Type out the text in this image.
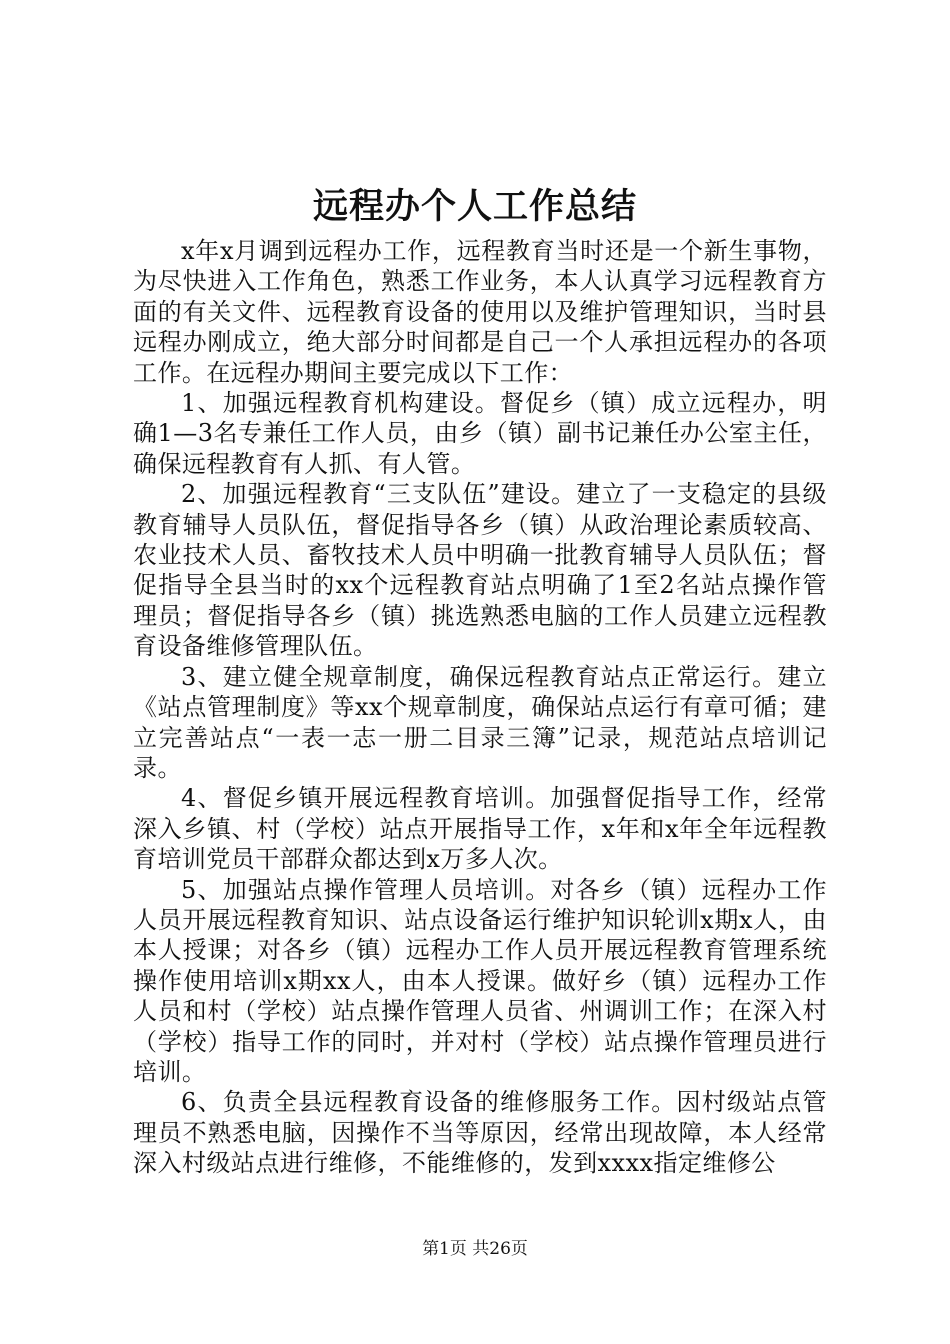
远程办个人工作总结

x年x月调到远程办工作，远程教育当时还是一个新生事物，为尽快进入工作角色，熟悉工作业务，本人认真学习远程教育方面的有关文件、远程教育设备的使用以及维护管理知识，当时县远程办刚成立，绝大部分时间都是自己一个人承担远程办的各项工作。在远程办期间主要完成以下工作：

1、加强远程教育机构建设。督促乡（镇）成立远程办，明确1—3名专兼任工作人员，由乡（镇）副书记兼任办公室主任，确保远程教育有人抓、有人管。

2、加强远程教育“三支队伍”建设。建立了一支稳定的县级教育辅导人员队伍，督促指导各乡（镇）从政治理论素质较高、农业技术人员、畜牧技术人员中明确一批教育辅导人员队伍；督促指导全县当时的xx个远程教育站点明确了1至2名站点操作管理员；督促指导各乡（镇）挑选熟悉电脑的工作人员建立远程教育设备维修管理队伍。

3、建立健全规章制度，确保远程教育站点正常运行。建立《站点管理制度》等xx个规章制度，确保站点运行有章可循；建立完善站点“一表一志一册二目录三簿”记录，规范站点培训记录。

4、督促乡镇开展远程教育培训。加强督促指导工作，经常深入乡镇、村（学校）站点开展指导工作，x年和x年全年远程教育培训党员干部群众都达到x万多人次。

5、加强站点操作管理人员培训。对各乡（镇）远程办工作人员开展远程教育知识、站点设备运行维护知识轮训x期x人，由本人授课；对各乡（镇）远程办工作人员开展远程教育管理系统操作使用培训x期xx人，由本人授课。做好乡（镇）远程办工作人员和村（学校）站点操作管理人员省、州调训工作；在深入村（学校）指导工作的同时，并对村（学校）站点操作管理员进行培训。

6、负责全县远程教育设备的维修服务工作。因村级站点管理员不熟悉电脑，因操作不当等原因，经常出现故障，本人经常深入村级站点进行维修，不能维修的，发到xxxx指定维修公

第1页 共26页
